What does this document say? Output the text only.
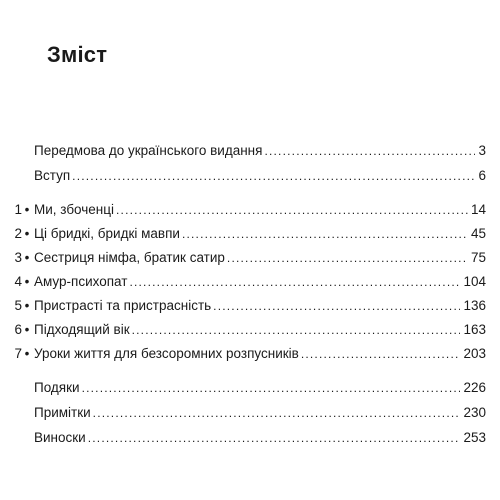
Зміст
Передмова до українського видання .....	3
Вступ .....	6
1 • Ми, збоченці .....	14
2 • Ці бридкі, бридкі мавпи .....	45
3 • Сестриця німфа, братик сатир .....	75
4 • Амур-психопат .....	104
5 • Пристрасті та пристрасність .....	136
6 • Підходящий вік .....	163
7 • Уроки життя для безсоромних розпусників .....	203
Подяки .....	226
Примітки .....	230
Виноски .....	253
